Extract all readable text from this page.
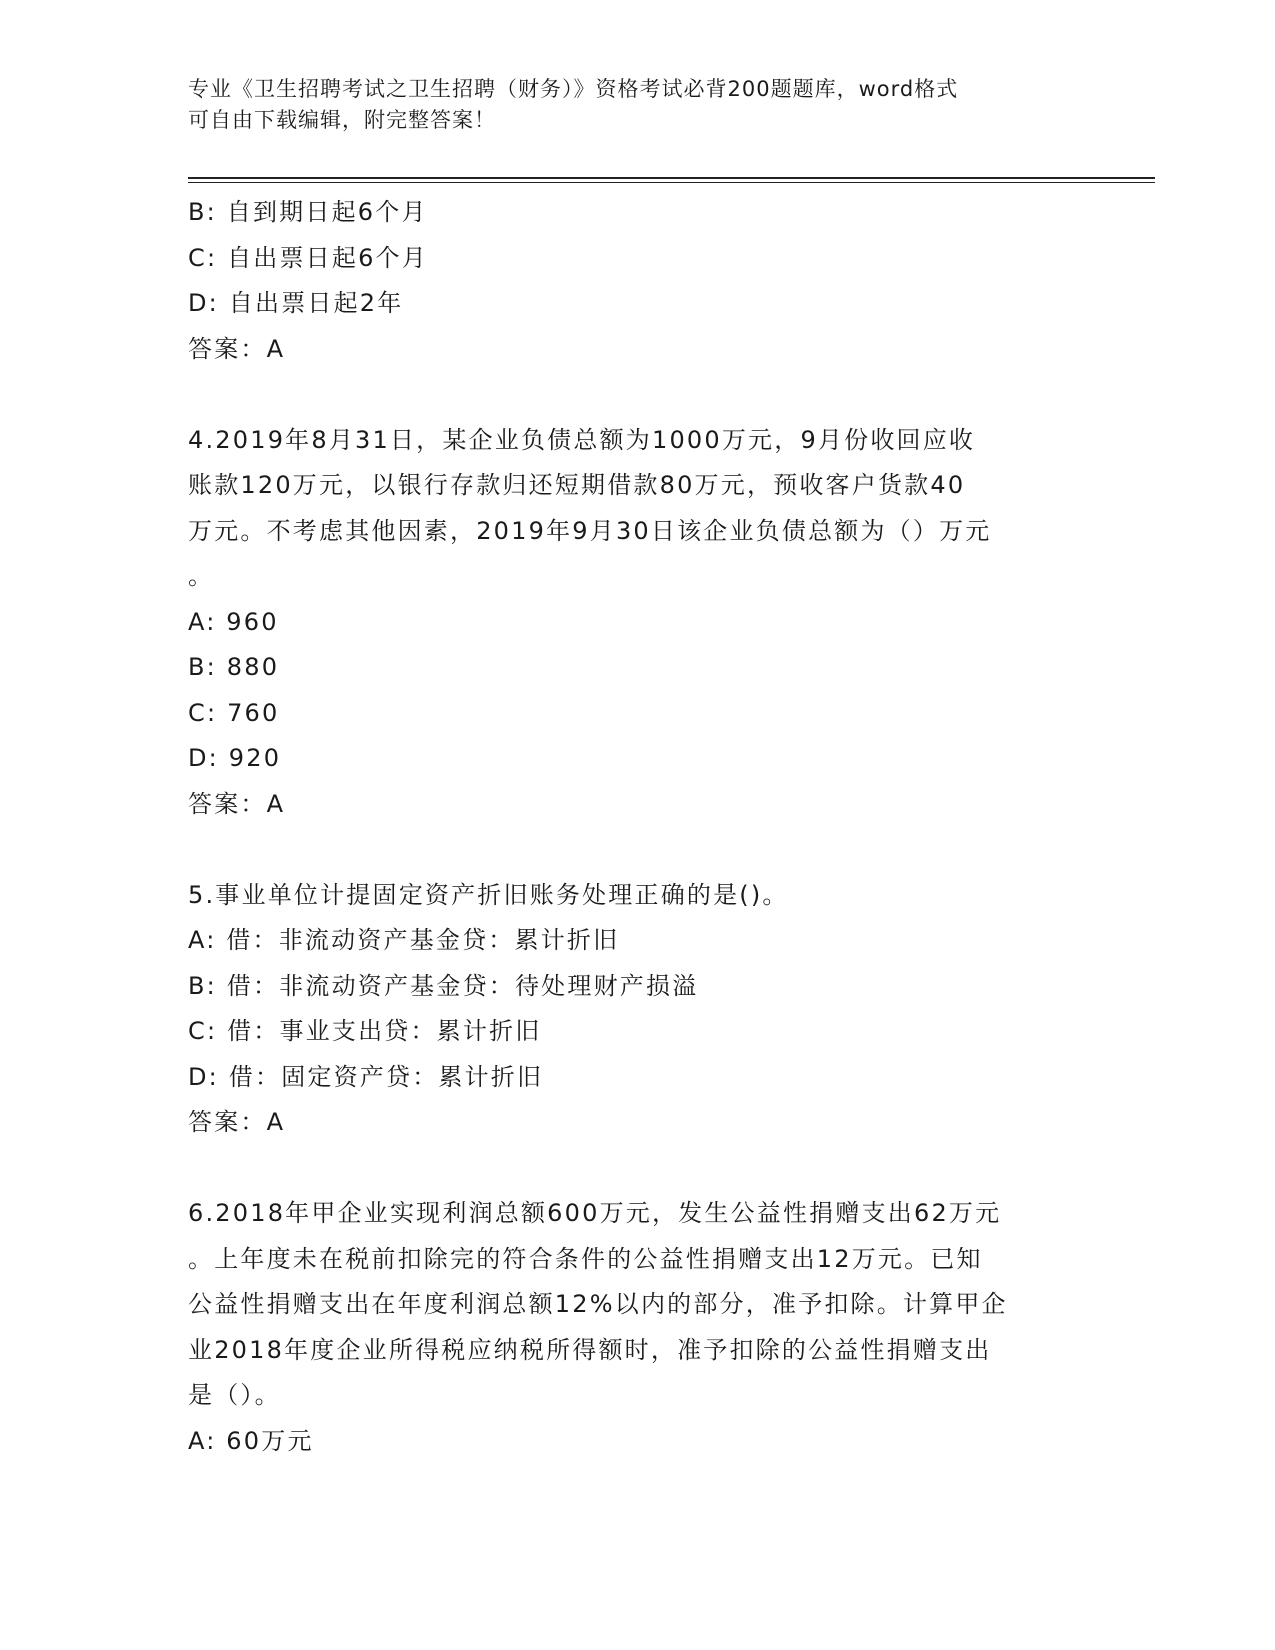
专业《卫生招聘考试之卫生招聘（财务）》资格考试必背200题题库，word格式
可自由下载编辑，附完整答案！
B: 自到期日起6个月
C: 自出票日起6个月
D: 自出票日起2年
答案：A
4.2019年8月31日，某企业负债总额为1000万元，9月份收回应收
账款120万元，以银行存款归还短期借款80万元，预收客户货款40
万元。不考虑其他因素，2019年9月30日该企业负债总额为（）万元
。
A: 960
B: 880
C: 760
D: 920
答案：A
5.事业单位计提固定资产折旧账务处理正确的是()。
A: 借：非流动资产基金贷：累计折旧
B: 借：非流动资产基金贷：待处理财产损溢
C: 借：事业支出贷：累计折旧
D: 借：固定资产贷：累计折旧
答案：A
6.2018年甲企业实现利润总额600万元，发生公益性捐赠支出62万元
。上年度未在税前扣除完的符合条件的公益性捐赠支出12万元。已知
公益性捐赠支出在年度利润总额12%以内的部分，准予扣除。计算甲企
业2018年度企业所得税应纳税所得额时，准予扣除的公益性捐赠支出
是（）。
A: 60万元
